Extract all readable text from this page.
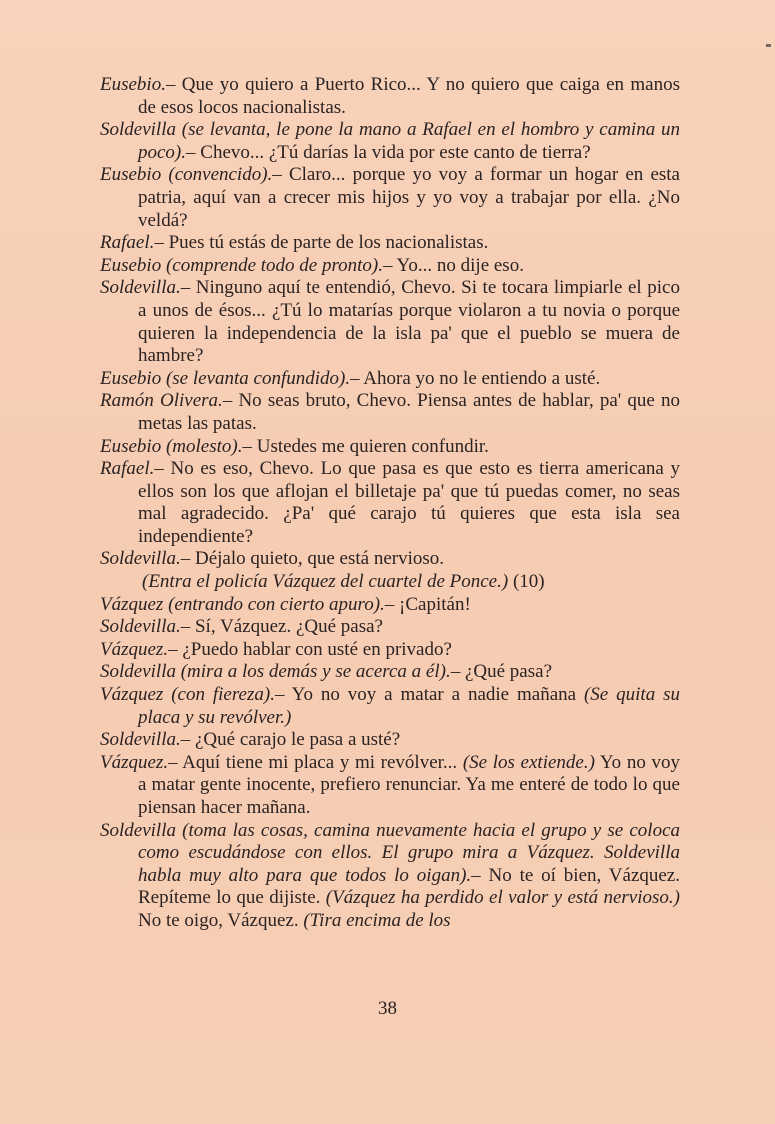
Eusebio.– Que yo quiero a Puerto Rico... Y no quiero que caiga en manos de esos locos nacionalistas.

Soldevilla (se levanta, le pone la mano a Rafael en el hombro y camina un poco).– Chevo... ¿Tú darías la vida por este canto de tierra?

Eusebio (convencido).– Claro... porque yo voy a formar un hogar en esta patria, aquí van a crecer mis hijos y yo voy a trabajar por ella. ¿No veldá?

Rafael.– Pues tú estás de parte de los nacionalistas.

Eusebio (comprende todo de pronto).– Yo... no dije eso.

Soldevilla.– Ninguno aquí te entendió, Chevo. Si te tocara limpiarle el pico a unos de ésos... ¿Tú lo matarías porque violaron a tu novia o porque quieren la independencia de la isla pa' que el pueblo se muera de hambre?

Eusebio (se levanta confundido).– Ahora yo no le entiendo a usté.

Ramón Olivera.– No seas bruto, Chevo. Piensa antes de hablar, pa' que no metas las patas.

Eusebio (molesto).– Ustedes me quieren confundir.

Rafael.– No es eso, Chevo. Lo que pasa es que esto es tierra americana y ellos son los que aflojan el billetaje pa' que tú puedas comer, no seas mal agradecido. ¿Pa' qué carajo tú quieres que esta isla sea independiente?

Soldevilla.– Déjalo quieto, que está nervioso.

(Entra el policía Vázquez del cuartel de Ponce.) (10)

Vázquez (entrando con cierto apuro).– ¡Capitán!

Soldevilla.– Sí, Vázquez. ¿Qué pasa?

Vázquez.– ¿Puedo hablar con usté en privado?

Soldevilla (mira a los demás y se acerca a él).– ¿Qué pasa?

Vázquez (con fiereza).– Yo no voy a matar a nadie mañana (Se quita su placa y su revólver.)

Soldevilla.– ¿Qué carajo le pasa a usté?

Vázquez.– Aquí tiene mi placa y mi revólver... (Se los extiende.) Yo no voy a matar gente inocente, prefiero renunciar. Ya me enteré de todo lo que piensan hacer mañana.

Soldevilla (toma las cosas, camina nuevamente hacia el grupo y se coloca como escudándose con ellos. El grupo mira a Vázquez. Soldevilla habla muy alto para que todos lo oigan).– No te oí bien, Vázquez. Repíteme lo que dijiste. (Vázquez ha perdido el valor y está nervioso.) No te oigo, Vázquez. (Tira encima de los

38
